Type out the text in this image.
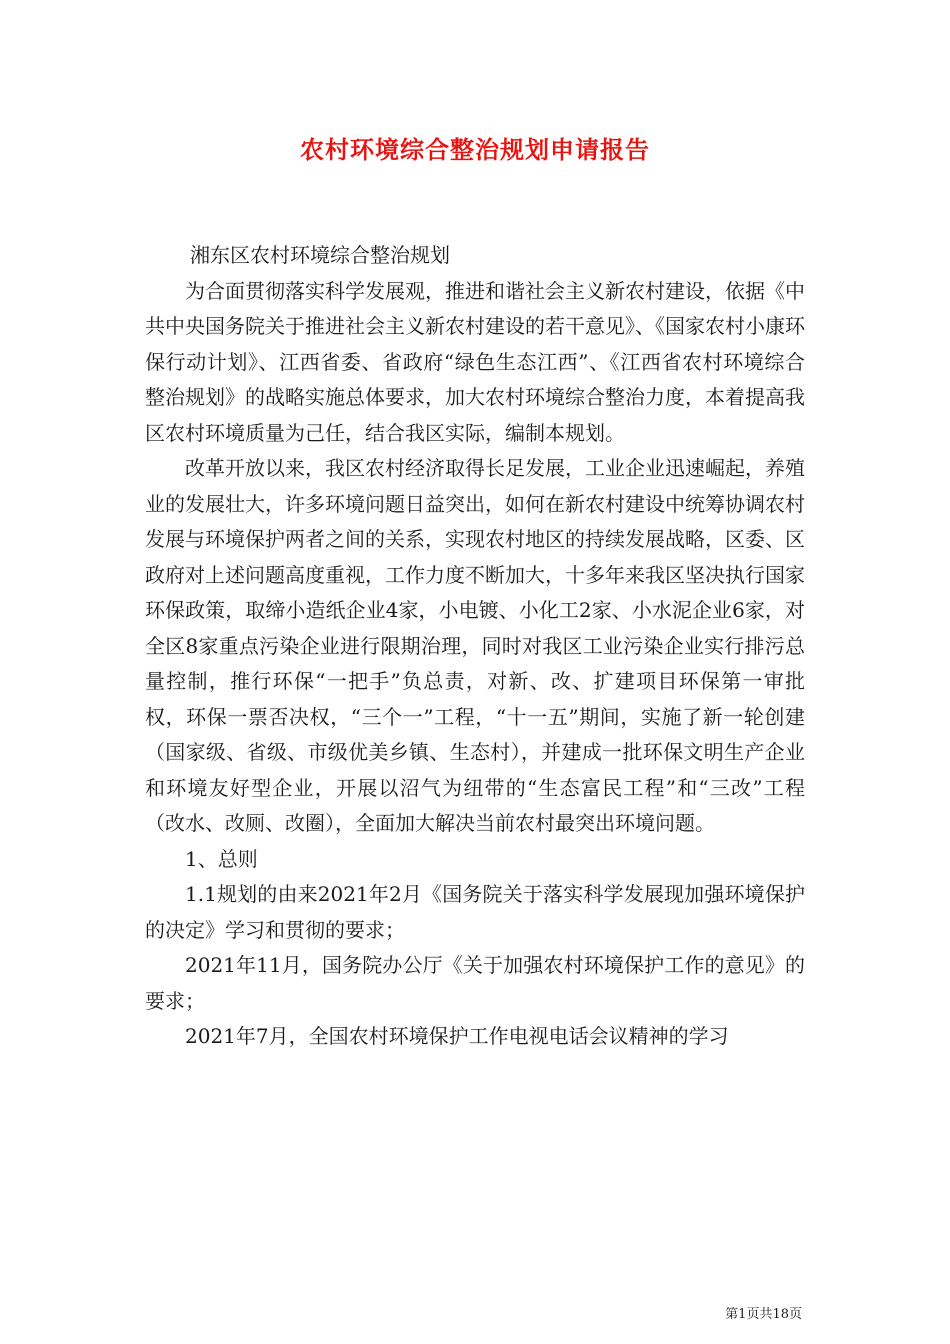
农村环境综合整治规划申请报告

湘东区农村环境综合整治规划

为合面贯彻落实科学发展观，推进和谐社会主义新农村建设，依据《中共中央国务院关于推进社会主义新农村建设的若干意见》、《国家农村小康环保行动计划》、江西省委、省政府“绿色生态江西”、《江西省农村环境综合整治规划》的战略实施总体要求，加大农村环境综合整治力度，本着提高我区农村环境质量为己任，结合我区实际，编制本规划。

改革开放以来，我区农村经济取得长足发展，工业企业迅速崛起，养殖业的发展壮大，许多环境问题日益突出，如何在新农村建设中统筹协调农村发展与环境保护两者之间的关系，实现农村地区的持续发展战略，区委、区政府对上述问题高度重视，工作力度不断加大，十多年来我区坚决执行国家环保政策，取缔小造纸企业4家，小电镀、小化工2家、小水泥企业6家，对全区8家重点污染企业进行限期治理，同时对我区工业污染企业实行排污总量控制，推行环保“一把手”负总责，对新、改、扩建项目环保第一审批权，环保一票否决权，“三个一”工程，“十一五”期间，实施了新一轮创建（国家级、省级、市级优美乡镇、生态村），并建成一批环保文明生产企业和环境友好型企业，开展以沼气为纽带的“生态富民工程”和“三改”工程（改水、改厕、改圈），全面加大解决当前农村最突出环境问题。

1、总则

1.1规划的由来2021年2月《国务院关于落实科学发展现加强环境保护的决定》学习和贯彻的要求；

2021年11月，国务院办公厅《关于加强农村环境保护工作的意见》的要求；

2021年7月，全国农村环境保护工作电视电话会议精神的学习

第1页共18页
